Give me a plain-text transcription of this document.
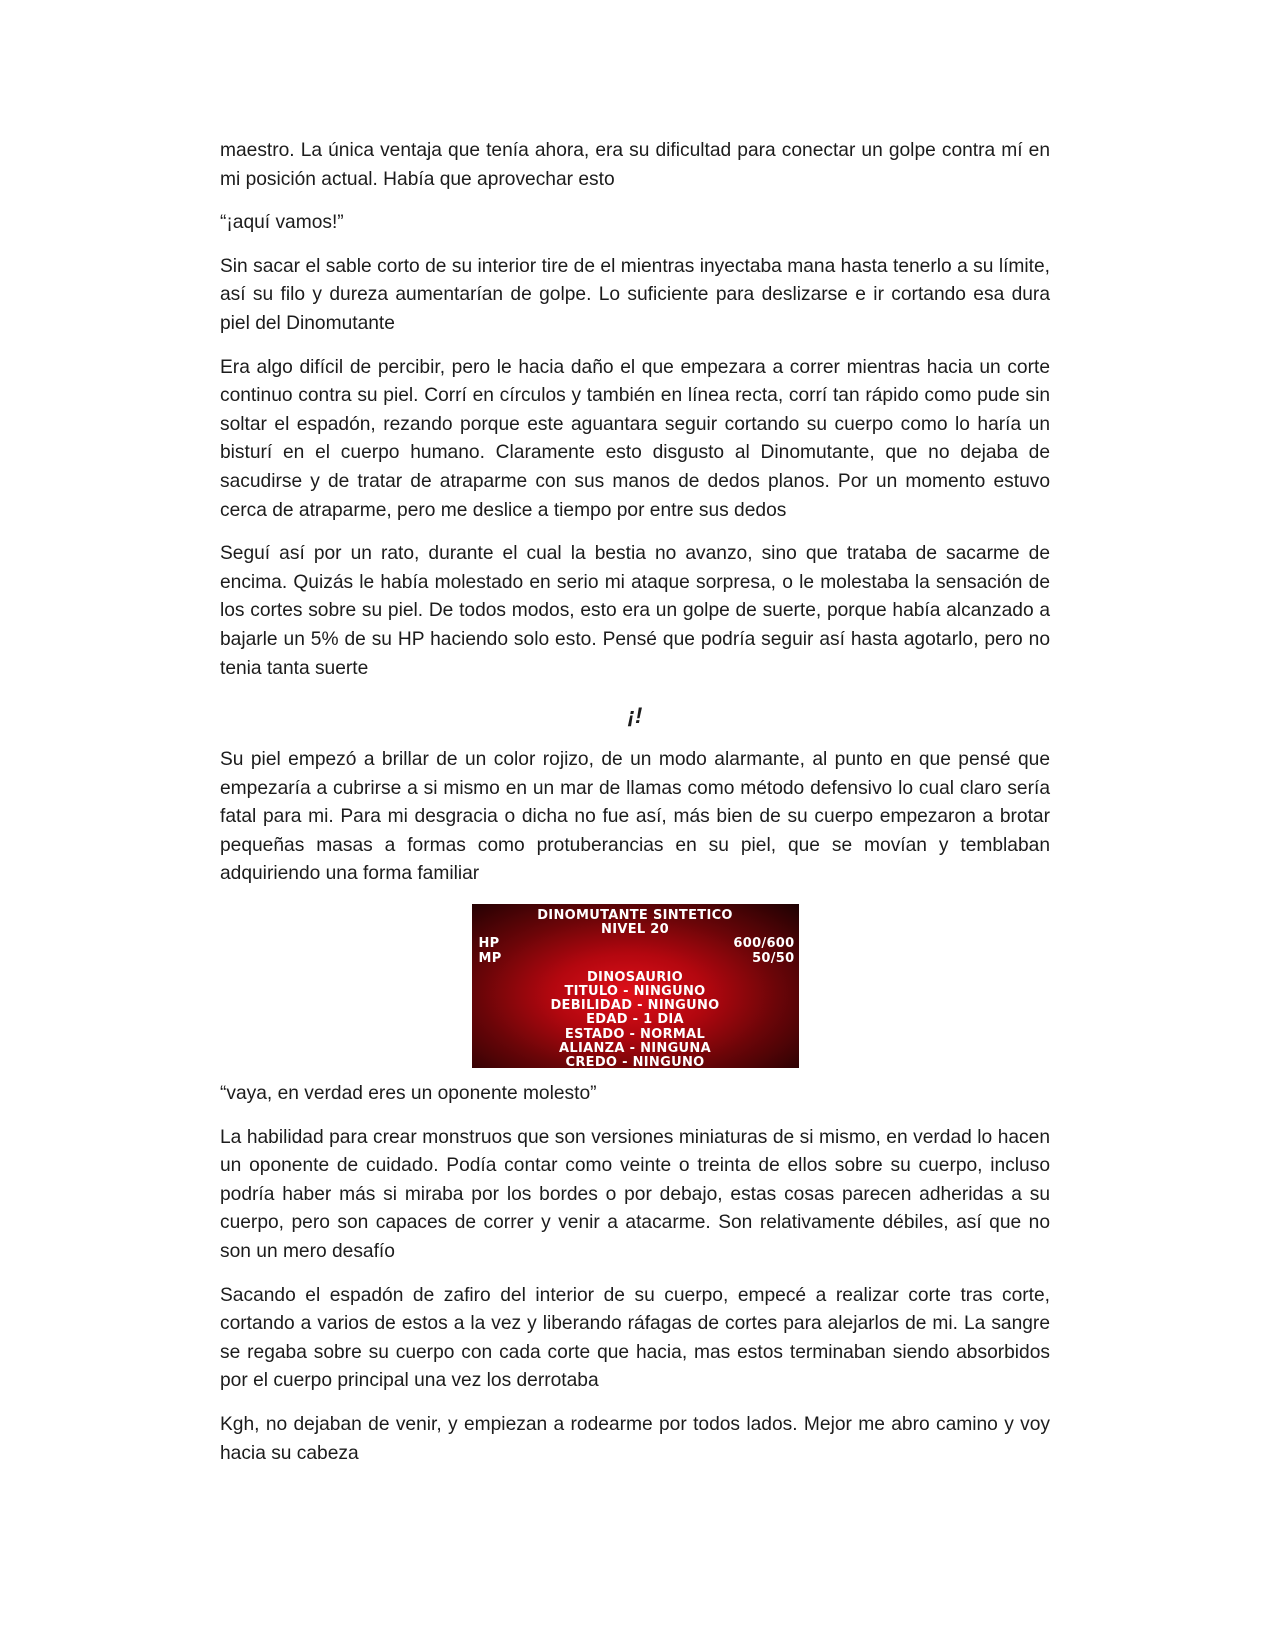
maestro. La única ventaja que tenía ahora, era su dificultad para conectar un golpe contra mí en mi posición actual. Había que aprovechar esto

“¡aquí vamos!”

Sin sacar el sable corto de su interior tire de el mientras inyectaba mana hasta tenerlo a su límite, así su filo y dureza aumentarían de golpe. Lo suficiente para deslizarse e ir cortando esa dura piel del Dinomutante

Era algo difícil de percibir, pero le hacia daño el que empezara a correr mientras hacia un corte continuo contra su piel. Corrí en círculos y también en línea recta, corrí tan rápido como pude sin soltar el espadón, rezando porque este aguantara seguir cortando su cuerpo como lo haría un bisturí en el cuerpo humano. Claramente esto disgusto al Dinomutante, que no dejaba de sacudirse y de tratar de atraparme con sus manos de dedos planos. Por un momento estuvo cerca de atraparme, pero me deslice a tiempo por entre sus dedos

Seguí así por un rato, durante el cual la bestia no avanzo, sino que trataba de sacarme de encima. Quizás le había molestado en serio mi ataque sorpresa, o le molestaba la sensación de los cortes sobre su piel. De todos modos, esto era un golpe de suerte, porque había alcanzado a bajarle un 5% de su HP haciendo solo esto. Pensé que podría seguir así hasta agotarlo, pero no tenia tanta suerte

¡!

Su piel empezó a brillar de un color rojizo, de un modo alarmante, al punto en que pensé que empezaría a cubrirse a si mismo en un mar de llamas como método defensivo lo cual claro sería fatal para mi. Para mi desgracia o dicha no fue así, más bien de su cuerpo empezaron a brotar pequeñas masas a formas como protuberancias en su piel, que se movían y temblaban adquiriendo una forma familiar

DINOMUTANTE SINTETICO
NIVEL 20
HP	600/600
MP	50/50
DINOSAURIO
TITULO - NINGUNO
DEBILIDAD - NINGUNO
EDAD - 1 DIA
ESTADO - NORMAL
ALIANZA - NINGUNA
CREDO - NINGUNO

“vaya, en verdad eres un oponente molesto”

La habilidad para crear monstruos que son versiones miniaturas de si mismo, en verdad lo hacen un oponente de cuidado. Podía contar como veinte o treinta de ellos sobre su cuerpo, incluso podría haber más si miraba por los bordes o por debajo, estas cosas parecen adheridas a su cuerpo, pero son capaces de correr y venir a atacarme. Son relativamente débiles, así que no son un mero desafío

Sacando el espadón de zafiro del interior de su cuerpo, empecé a realizar corte tras corte, cortando a varios de estos a la vez y liberando ráfagas de cortes para alejarlos de mi. La sangre se regaba sobre su cuerpo con cada corte que hacia, mas estos terminaban siendo absorbidos por el cuerpo principal una vez los derrotaba

Kgh, no dejaban de venir, y empiezan a rodearme por todos lados. Mejor me abro camino y voy hacia su cabeza
